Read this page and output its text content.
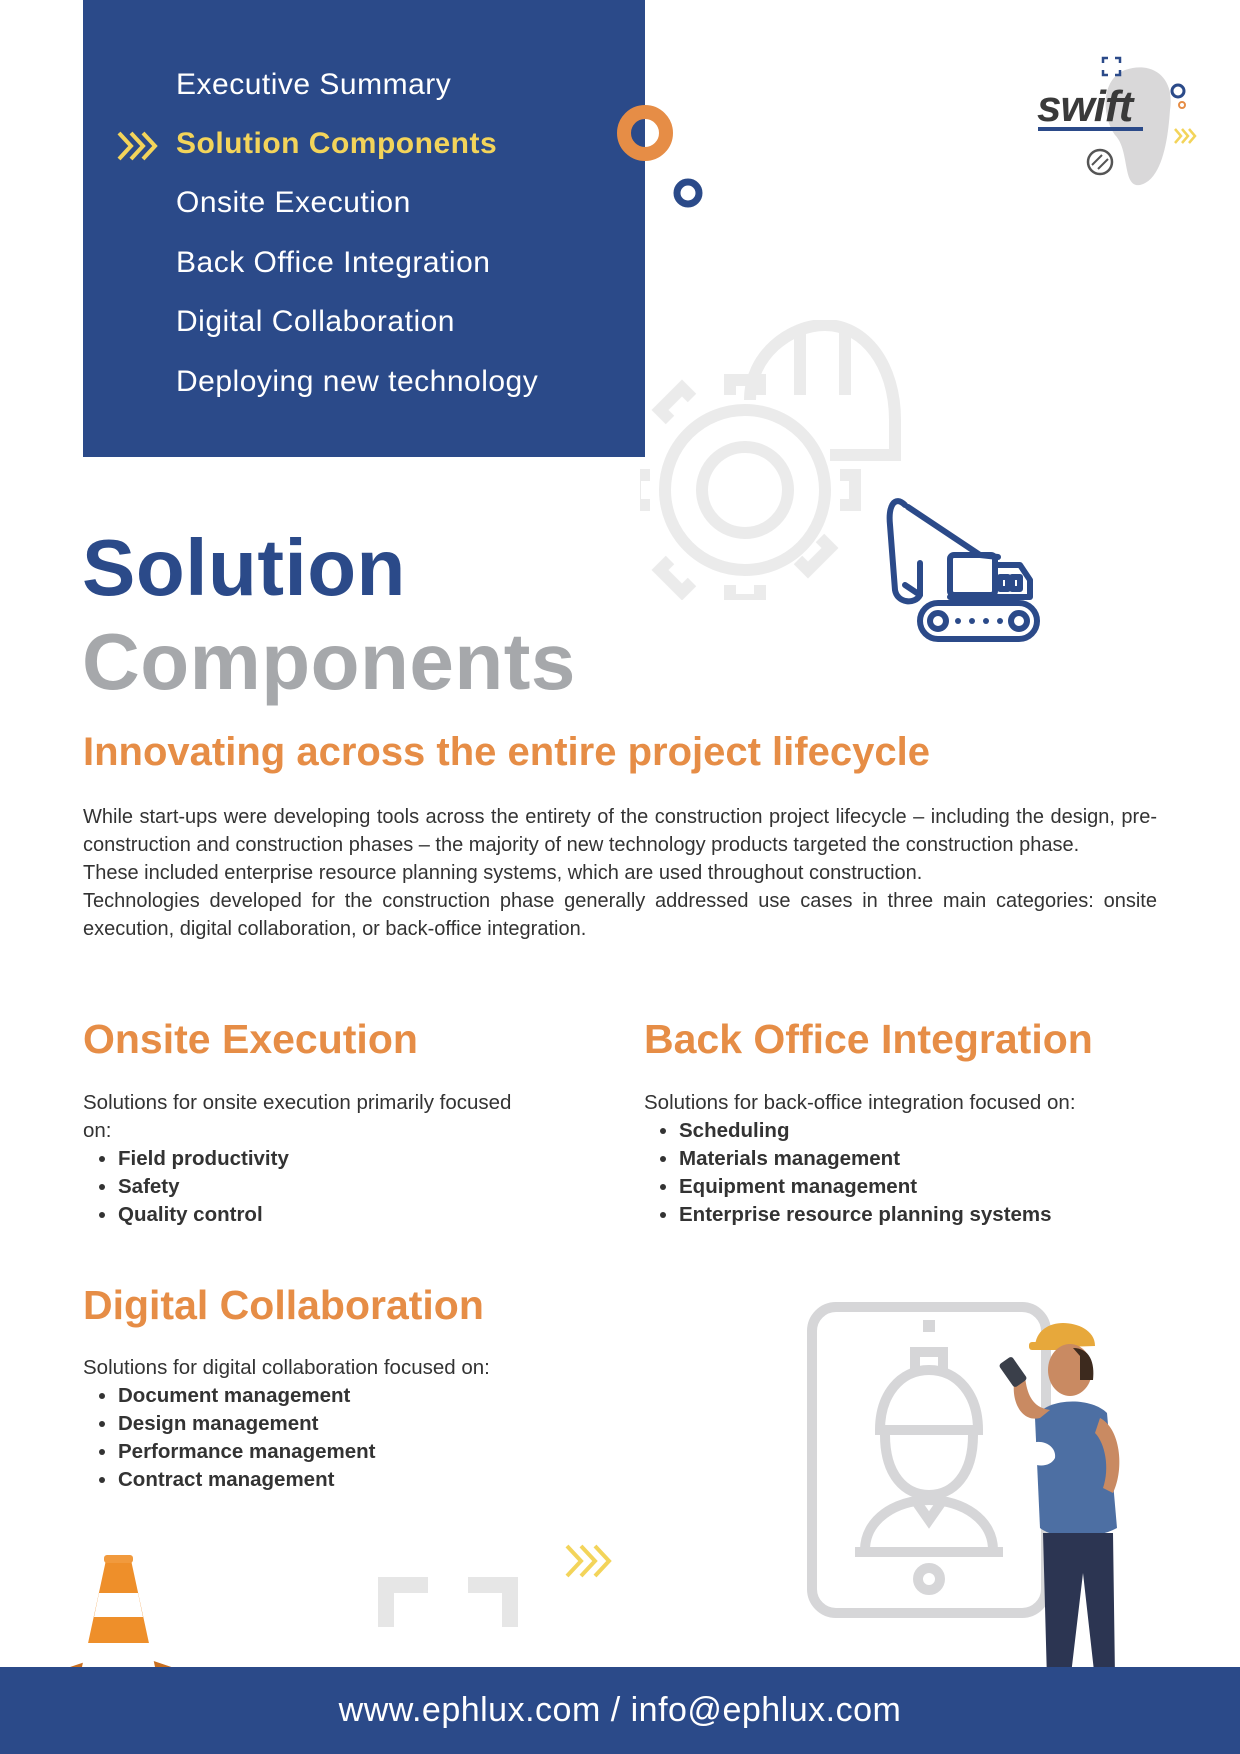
Executive Summary
Solution Components
Onsite Execution
Back Office Integration
Digital Collaboration
Deploying new technology
swift
Solution
Components
Innovating across the entire project lifecycle

While start-ups were developing tools across the entirety of the construction project lifecycle – including the design, pre-construction and construction phases – the majority of new technology products targeted the construction phase.

These included enterprise resource planning systems, which are used throughout construction.

Technologies developed for the construction phase generally addressed use cases in three main categories: onsite execution, digital collaboration, or back-office integration.

Onsite Execution

Solutions for onsite execution primarily focused on:

• Field productivity
• Safety
• Quality control
Back Office Integration

Solutions for back-office integration focused on:

• Scheduling
• Materials management
• Equipment management
• Enterprise resource planning systems
Digital Collaboration

Solutions for digital collaboration focused on:

• Document management
• Design management
• Performance management
• Contract management
www.ephlux.com / info@ephlux.com
